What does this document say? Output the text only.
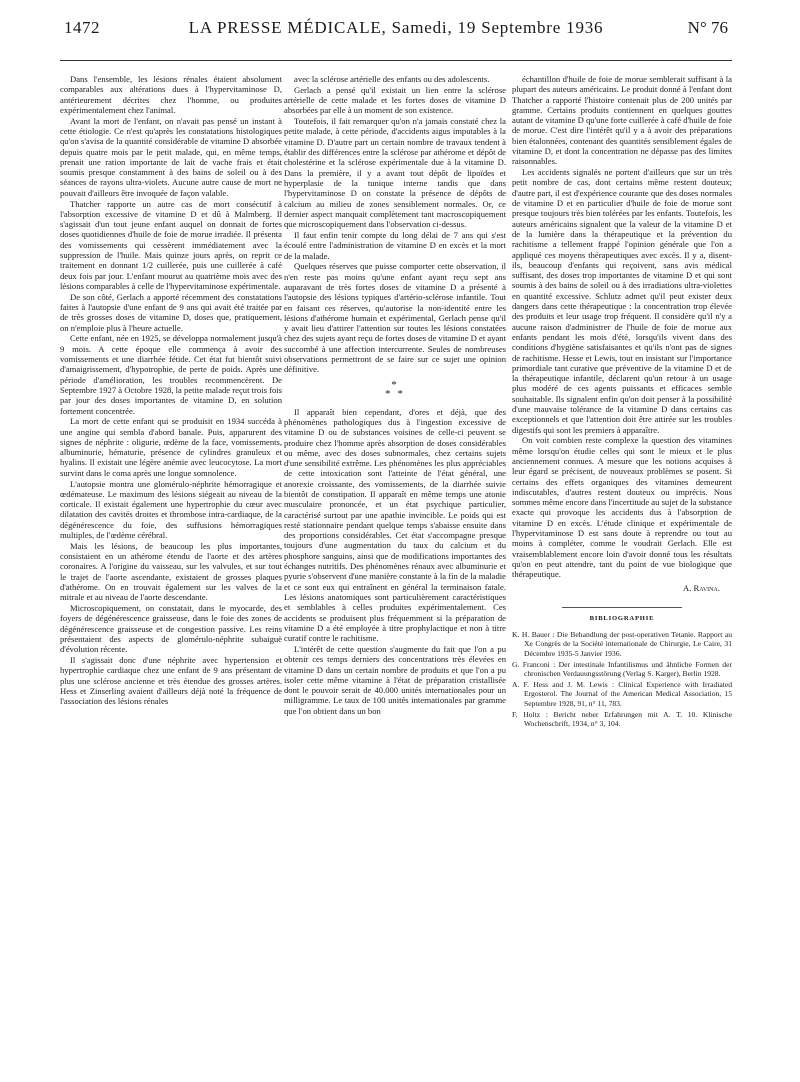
1472	LA PRESSE MÉDICALE, Samedi, 19 Septembre 1936	N° 76

Dans l'ensemble, les lésions rénales étaient absolument comparables aux altérations dues à l'hypervitaminose D, antérieurement décrites chez l'homme, ou produites expérimentalement chez l'animal.

Avant la mort de l'enfant, on n'avait pas pensé un instant à cette étiologie. Ce n'est qu'après les constatations histologiques qu'on s'avisa de la quantité considérable de vitamine D absorbée depuis quatre mois par le petit malade, qui, en même temps, prenait une ration importante de lait de vache frais et était soumis presque constamment à des bains de soleil ou à des séances de rayons ultra-violets. Aucune autre cause de mort ne pouvait d'ailleurs être invoquée de façon valable.

Thatcher rapporte un autre cas de mort consécutif à l'absorption excessive de vitamine D et dû à Malmberg. Il s'agissait d'un tout jeune enfant auquel on donnait de fortes doses quotidiennes d'huile de foie de morue irradiée. Il présenta des vomissements qui cessèrent immédiatement avec la suppression de l'huile. Mais quinze jours après, on reprit ce traitement en donnant 1/2 cuillerée, puis une cuillerée à café deux fois par jour. L'enfant mourut au quatrième mois avec des lésions comparables à celle de l'hypervitaminose expérimentale.

De son côté, Gerlach a apporté récemment des constatations faites à l'autopsie d'une enfant de 9 ans qui avait été traitée par de très grosses doses de vitamine D, doses que, pratiquement, on n'emploie plus à l'heure actuelle.

Cette enfant, née en 1925, se développa normalement jusqu'à 9 mois. A cette époque elle commença à avoir des vomissements et une diarrhée fétide. Cet état fut bientôt suivi d'amaigrissement, d'hypotrophie, de perte de poids. Après une période d'amélioration, les troubles recommencèrent. De Septembre 1927 à Octobre 1928, la petite malade reçut trois fois par jour des doses importantes de vitamine D, en solution fortement concentrée.

La mort de cette enfant qui se produisit en 1934 succéda à une angine qui sembla d'abord banale. Puis, apparurent des signes de néphrite : oligurie, œdème de la face, vomissements, albuminurie, hématurie, présence de cylindres granuleux et hyalins. Il existait une légère anémie avec leucocytose. La mort survint dans le coma après une longue somnolence.

L'autopsie montra une glomérulo-néphrite hémorragique et œdémateuse. Le maximum des lésions siégeait au niveau de la corticale. Il existait également une hypertrophie du cœur avec dilatation des cavités droites et thrombose intra-cardiaque, de la dégénérescence du foie, des suffusions hémorragiques multiples, de l'œdème cérébral.

Mais les lésions, de beaucoup les plus importantes, consistaient en un athérome étendu de l'aorte et des artères coronaires. A l'origine du vaisseau, sur les valvules, et sur tout le trajet de l'aorte ascendante, existaient de grosses plaques d'athérome. On en trouvait également sur les valves de la mitrale et au niveau de l'aorte descendante.

Microscopiquement, on constatait, dans le myocarde, des foyers de dégénérescence graisseuse, dans le foie des zones de dégénérescence graisseuse et de congestion passive. Les reins présentaient des aspects de glomérulo-néphrite subaiguë d'évolution récente.

Il s'agissait donc d'une néphrite avec hypertension et hypertrophie cardiaque chez une enfant de 9 ans présentant de plus une sclérose ancienne et très étendue des grosses artères. Hess et Zinserling avaient d'ailleurs déjà noté la fréquence de l'association des lésions rénales

avec la sclérose artérielle des enfants ou des adolescents.

Gerlach a pensé qu'il existait un lien entre la sclérose artérielle de cette malade et les fortes doses de vitamine D absorbées par elle à un moment de son existence.

Toutefois, il fait remarquer qu'on n'a jamais constaté chez la petite malade, à cette période, d'accidents aigus imputables à la vitamine D. D'autre part un certain nombre de travaux tendent à établir des différences entre la sclérose par athérome et dépôt de cholestérine et la sclérose expérimentale due à la vitamine D. Dans la première, il y a avant tout dépôt de lipoïdes et hyperplasie de la tunique interne tandis que dans l'hypervitaminose D on constate la présence de dépôts de calcium au milieu de zones sensiblement normales. Or, ce dernier aspect manquait complètement tant macroscopiquement que microscopiquement dans l'observation ci-dessus.

Il faut enfin tenir compte du long délai de 7 ans qui s'est écoulé entre l'administration de vitamine D en excès et la mort de la malade.

Quelques réserves que puisse comporter cette observation, il n'en reste pas moins qu'une enfant ayant reçu sept ans auparavant de très fortes doses de vitamine D a présenté à l'autopsie des lésions typiques d'artério-sclérose infantile. Tout en faisant ces réserves, qu'autorise la non-identité entre les lésions d'athérome humain et expérimental, Gerlach pense qu'il y avait lieu d'attirer l'attention sur toutes les lésions constatées chez des sujets ayant reçu de fortes doses de vitamine D et ayant succombé à une affection intercurrente. Seules de nombreuses observations permettront de se faire sur ce sujet une opinion définitive.

*
* *

Il apparaît bien cependant, d'ores et déjà, que des phénomènes pathologiques dus à l'ingestion excessive de vitamine D ou de substances voisines de celle-ci peuvent se produire chez l'homme après absorption de doses considérables ou même, avec des doses subnormales, chez certains sujets d'une sensibilité extrême. Les phénomènes les plus appréciables de cette intoxication sont l'atteinte de l'état général, une anorexie croissante, des vomissements, de la diarrhée suivie bientôt de constipation. Il apparaît en même temps une atonie musculaire prononcée, et un état psychique particulier, caractérisé surtout par une apathie invincible. Le poids qui est resté stationnaire pendant quelque temps s'abaisse ensuite dans des proportions considérables. Cet état s'accompagne presque toujours d'une augmentation du taux du calcium et du phosphore sanguins, ainsi que de modifications importantes des échanges nutritifs. Des phénomènes rénaux avec albuminurie et pyurie s'observent d'une manière constante à la fin de la maladie et ce sont eux qui entraînent en général la terminaison fatale. Les lésions anatomiques sont particulièrement caractéristiques et semblables à celles produites expérimentalement. Ces accidents se produisent plus fréquemment si la préparation de vitamine D a été employée à titre prophylactique et non à titre curatif contre le rachitisme.

L'intérêt de cette question s'augmente du fait que l'on a pu obtenir ces temps derniers des concentrations très élevées en vitamine D dans un certain nombre de produits et que l'on a pu isoler cette même vitamine à l'état de préparation cristallisée dont le pouvoir serait de 40.000 unités internationales pour un milligramme. Le taux de 100 unités internationales par gramme que l'on obtient dans un bon

échantillon d'huile de foie de morue semblerait suffisant à la plupart des auteurs américains. Le produit donné à l'enfant dont Thatcher a rapporté l'histoire contenait plus de 200 unités par gramme. Certains produits contiennent en quelques gouttes autant de vitamine D qu'une forte cuillerée à café d'huile de foie de morue. C'est dire l'intérêt qu'il y a à avoir des préparations bien étalonnées, contenant des quantités sensiblement égales de vitamine D, et dont la concentration ne dépasse pas des limites raisonnables.

Les accidents signalés ne portent d'ailleurs que sur un très petit nombre de cas, dont certains même restent douteux; d'autre part, il est d'expérience courante que des doses normales de vitamine D et en particulier d'huile de foie de morue sont presque toujours très bien tolérées par les enfants. Toutefois, les auteurs américains signalent que la valeur de la vitamine D et de la lumière dans la thérapeutique et la prévention du rachitisme a tellement frappé l'opinion générale que l'on a appliqué ces moyens thérapeutiques avec excès. Il y a, disent-ils, beaucoup d'enfants qui reçoivent, sans avis médical suffisant, des doses trop importantes de vitamine D et qui sont soumis à des bains de soleil ou à des irradiations ultra-violettes en quantité excessive. Schlutz admet qu'il peut exister deux dangers dans cette thérapeutique : la concentration trop élevée des produits et leur usage trop fréquent. Il considère qu'il n'y a aucune raison d'administrer de l'huile de foie de morue aux enfants pendant les mois d'été, lorsqu'ils vivent dans des conditions d'hygiène satisfaisantes et qu'ils n'ont pas de signes de rachitisme. Hesse et Lewis, tout en insistant sur l'importance primordiale tant curative que préventive de la vitamine D et de la thérapeutique infantile, déclarent qu'un retour à un usage plus modéré de ces agents puissants et efficaces semble souhaitable. Ils signalent enfin qu'on doit penser à la possibilité d'une mauvaise tolérance de la vitamine D dans certains cas exceptionnels et que l'attention doit être attirée sur les troubles digestifs qui sont les premiers à apparaître.

On voit combien reste complexe la question des vitamines même lorsqu'on étudie celles qui sont le mieux et le plus anciennement connues. A mesure que les notions acquises à leur égard se précisent, de nouveaux problèmes se posent. Si certains des effets organiques des vitamines demeurent indiscutables, d'autres restent douteux ou imprécis. Nous sommes même encore dans l'incertitude au sujet de la substance exacte qui provoque les accidents dus à l'absorption de vitamine D en excès. L'étude clinique et expérimentale de l'hypervitaminose D est sans doute à reprendre ou tout au moins à compléter, comme le voudrait Gerlach. Elle est vraisemblablement encore loin d'avoir donné tous les résultats qu'on en peut attendre, tant du point de vue biologique que thérapeutique.

A. Ravina.

BIBLIOGRAPHIE

K. H. Bauer : Die Behandlung der post-operativen Tetanie. Rapport au Xe Congrès de la Société internationale de Chirurgie, Le Caire, 31 Décembre 1935-5 Janvier 1936.

G. Franconi : Der intestinale Infantilismus und ähnliche Formen der chronischen Verdauungsstörung (Verlag S. Karger), Berlin 1928.

A. F. Hess and J. M. Lewis : Clinical Experience with Irradiated Ergosterol. The Journal of the American Medical Association, 15 Septembre 1928, 91, n° 11, 783.

F. Holtz : Bericht neber Erfahrungen mit A. T. 10. Klinische Wochenschrift, 1934, n° 3, 104.
